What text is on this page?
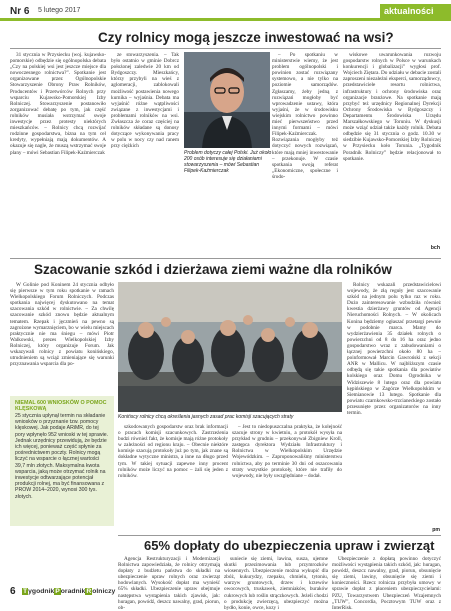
Nr 6 5 lutego 2017	aktualności
Czy rolnicy mogą jeszcze inwestować na wsi?

31 stycznia w Przysiecku (woj. kujawsko-pomorskie) odbędzie się ogólnopolska debata „Czy na polskiej wsi jest jeszcze miejsce dla nowoczesnego rolnictwa?”. Spotkanie jest organizowane przez Ogólnopolskie Stowarzyszenie Obrony Praw Rolników, Producentów i Przetwórców Rolnych przy wsparciu Kujawsko-Pomorskiej Izby Rolniczej. Stowarzyszenie postanowiło zorganizować debatę po tym, jak część rolników musiała wstrzymać swoje inwestycje przez protesty niektórych mieszkańców. – Rolnicy chcą rozwijać rodzinne gospodarstwa, bizna na tym cel kredyty, wypełniają mają dokumentów. A okazuje się nagle, że muszą wstrzymać swoje plany – mówi Sebastian Filipek-Kaźmierczak

ze stowarzyszenia. – Tak było ostatnio w gminie Dobrcz położonej zaledwie 20 km od Bydgoszczy. Mieszkańcy, którzy przybyli na wieś z aglomeracji, zablokowali możliwość postawienia nowego kurnika – wyjaśnia. Debata ma wyjaśnić różne wątpliwości związane z inwestycjami i problemami rolników na wsi. Zwłaszcza że coraz częściej na rolników składane są donosy dotyczące wykonywania pracy w polu w nocy czy nad ranem przy ciężkich

Problem dotyczy całej Polski. Już około 200 osób interesuje się działaniami stowarzyszenia – mówi Sebastian Filipek-Kaźmierczak

– Po spotkaniu w ministerstwie wiemy, że jest problem ogólnopolski i powinien zostać rozwiązany systemowo, a nie tylko na poziomie samorządów. Zgłaszamy, żeby jedną z rozwiązań mogłoby być wprowadzenie ustawy, która wyjaśni, że w środowisku wiejskim rolnictwo powinno mieć pierwszeństwo przed innymi formami – mówi Filipek-Kaźmierczak. Rozwiązania mogłyby też dotyczyć nowych rozwiązań, które mają mniej inwestowanie – przekonuje. W czasie spotkania swoją referat „Ekonomiczne, społeczne i środo-

wiskowe uwarunkowania rozwoju gospodarstw rolnych w Polsce w warunkach konkurencji i globalizacji” wygłosi prof. Wojciech Ziętara. Do udziału w debacie zostali zaproszeni niezależni eksperci, samorządowcy, przedstawiciele resortu rolnictwa, infrastruktury i ochrony środowiska oraz organizacje branżowe. Na spotkanie mają przybyć też urzędnicy Regionalnej Dyrekcji Ochrony Środowiska w Bydgoszczy i Departamentu Środowiska Urzędu Marszałkowskiego w Toruniu. W dyskusji może wziąć udział także każdy rolnik. Debata odbędzie się 31 stycznia o godz. 10.30 w siedzibie Kujawsko-Pomorskiej Izby Rolniczej w Przysiecku koło Torunia. „Tygodnik Poradnik Rolniczy” będzie relacjonował to spotkanie.

bch
Szacowanie szkód i dzierżawa ziemi ważne dla rolników

W Golinie pod Koninem 24 stycznia odbyło się pierwsze w tym roku spotkanie w ramach Wielkopolskiego Forum Rolniczych. Podczas spotkania najwięcej dyskutowano na temat szacowania szkód w rolnictwie. – Za chwilę szacowanie szkód znowu będzie aktualnym tematem. Rzepak i jęczmień na pewno są zagrożone wymarznięciem, bo w wielu miejscach praktycznie nie ma śniegu – mówi Piotr Walkowski, prezes Wielkopolskiej Izby Rolniczej, który organizuje Forum. Jak wskazywali rolnicy z powiatu konińskiego, utrudnieniem są wciąż zmieniające się warunki przyznawania wsparcia dla po-

NIEMAL 600 WNIOSKÓW O POMOC KLĘSKOWĄ
25 stycznia upłynął termin na składanie wniosków o przyznanie tzw. pomocy klęskowej. Jak podaje ARiMR, do tej pory wpłynęło 952 wnioski w tej sprawie. Jednak urzędnicy przewidują, że będzie ich więcej, ponieważ część spłynie za pośrednictwem poczty. Rolnicy mogą liczyć na wsparcie o łącznej wartości 39,7 mln złotych. Maksymalna kwota wsparcia, jaką może otrzymać rolnik na inwestycje odtwarzające potencjał produkcji rolnej, ma być finansowana z PROW 2014–2020, wynosi 300 tys. złotych.
Konińscy rolnicy chcą określenia jasnych zasad prac komisji szacujących straty

szkodowanych gospodarstw oraz brak informacji o pracach komisji szacunkowych. Zastrzeżenia budzi również fakt, że komisje mają różne protokoły w zależności od regionu kraju. – Obecnie niektóre komisje szacują protokoły już po tym, jak znane są dokładne wytyczne ministra, a inne na długo przed tym. W takiej sytuacji zapewne inny procent rolników może liczyć na pomoc – żali się jeden z rolników.

– Jest to niedopuszczalna praktyka, że kolejność szacuje strony w kwietniu, a protokół wysyła na przykład w grudniu – przekonywał Zbigniew Kroll, zastępca dyrektora Wydziału Infrastruktury i Rolnictwa w Wielkopolskim Urzędzie Wojewódzkim. – Zaproponowaliśmy ministerstwu rolnictwa, aby po terminie 30 dni od oszacowania straty wszystkie protokoły, które nie trafiły do wojewody, nie były uwzględniane – dodał.

Rolnicy wskazali przedstawicielowi wojewody, że złą reguły jest szacowanie szkód na jednym polu tylko raz w roku. Dużo zainteresowanie wzbudziła również kwestia dzierżawy gruntów od Agencji Nieruchomości Rolnych. – W okolicach Konina będziemy ogłaszać przetargi pewnie w podobnie marca. Mamy do wydzierżawienia 35 działek rolnych o powierzchni od 8 do 16 ha oraz jedno gospodarstwo wraz z zabudowaniami o łącznej powierzchni około 80 ha – poinformował Marcin Gawroński z sekcji ANR w Mallicu. W najbliższym czasie odbędą się takie spotkania dla powiatów kolskiego oraz Domu Ogrodnika w Widziszewie 8 lutego oraz dla powiatu kępińskiego w Zagórze Wielkopolskim w Siemianowie 13 lutego. Spotkanie dla powiatu czarnkowsko-trzcianeckiego zostało przesunięte przez organizatorów na inny termin.

pm
65% dopłaty do ubezpieczenia upraw i zwierząt

Agencja Restrukturyzacji i Modernizacji Rolnictwa zapowiedziała, że rolnicy otrzymają dopłaty z budżetu państwa do składki na ubezpieczenie upraw rolnych oraz zwierząt hodowlanych. Wysokość dopłat ma wynieść 65% składki. Ubezpieczenie upraw obejmuje następstwa wystąpienia takich zjawisk, jak: huragan, powódź, deszcz nawalny, grad, piorun, ob-

suniecie się ziemi, lawina, susza, ujemne skutki przezimowania lub przymrozków wiosennych. Ubezpieczenie można wykupić dla zbóż, kukurydzy, rzepaku, chmielu, tytoniu, warzyw gruntowych, drzew i krzewów owocowych, truskawek, ziemniaków, buraków cukrowych lub roślin strączkowych. Jeżeli chodzi o produkcję zwierzęcą, ubezpieczyć można bydło, konie, owce, kozy i

Ubezpieczenie z dopłatą powinno dotyczyć możliwości wystąpienia takich szkód, jak: huragan, powódź, deszcz nawalny, grad, piorun, obsunięcie się ziemi, lawiny, obsunięcie się ziemi i konieczności. Rzecz rolnicza przybyła umowy w sprawie dopłat z płaceniem ubezpieczycielami: PZU, Towarzystwem Ubezpieczeń Wzajemnych „TUW”, Concordia, Pocztowym TUW oraz z InterRisk.

6 TygodnikPoradnikRolniczy
